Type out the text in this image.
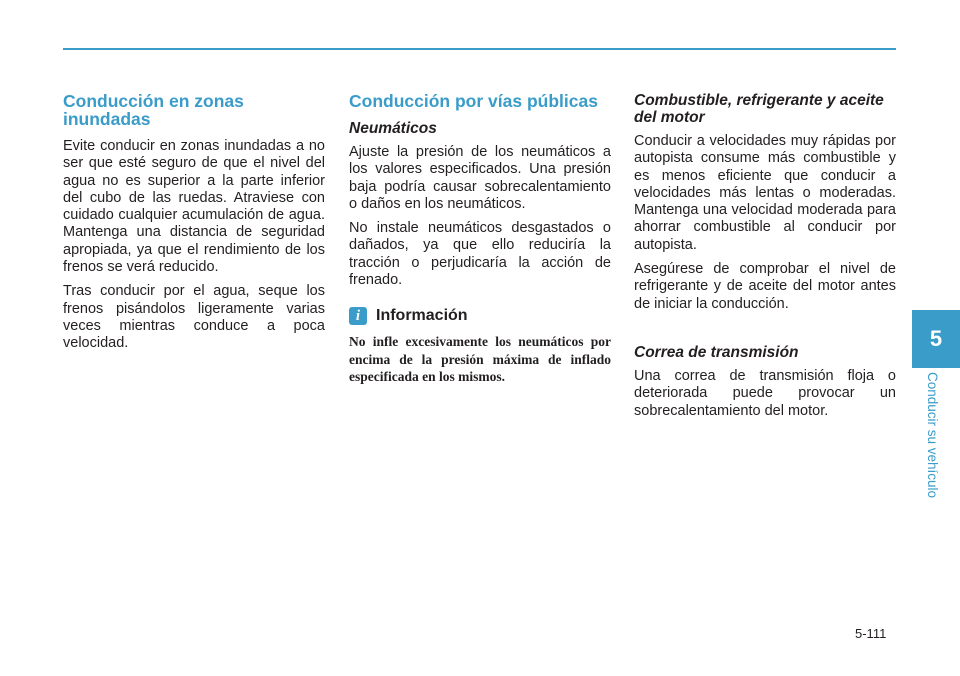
Conducción en zonas inundadas

Evite conducir en zonas inundadas a no ser que esté seguro de que el nivel del agua no es superior a la parte inferior del cubo de las ruedas. Atraviese con cuidado cualquier acumulación de agua. Mantenga una distancia de seguridad apropiada, ya que el rendimiento de los frenos se verá reducido.

Tras conducir por el agua, seque los frenos pisándolos ligeramente varias veces mientras conduce a poca velocidad.

Conducción por vías públicas
Neumáticos

Ajuste la presión de los neumáticos a los valores especificados. Una presión baja podría causar sobrecalentamiento o daños en los neumáticos.

No instale neumáticos desgastados o dañados, ya que ello reduciría la tracción o perjudicaría la acción de frenado.

i Información

No infle excesivamente los neumáticos por encima de la presión máxima de inflado especificada en los mismos.

Combustible, refrigerante y aceite del motor

Conducir a velocidades muy rápidas por autopista consume más combustible y es menos eficiente que conducir a velocidades más lentas o moderadas. Mantenga una velocidad moderada para ahorrar combustible al conducir por autopista.

Asegúrese de comprobar el nivel de refrigerante y de aceite del motor antes de iniciar la conducción.

Correa de transmisión

Una correa de transmisión floja o deteriorada puede provocar un sobrecalentamiento del motor.

5
Conducir su vehículo
5-111
